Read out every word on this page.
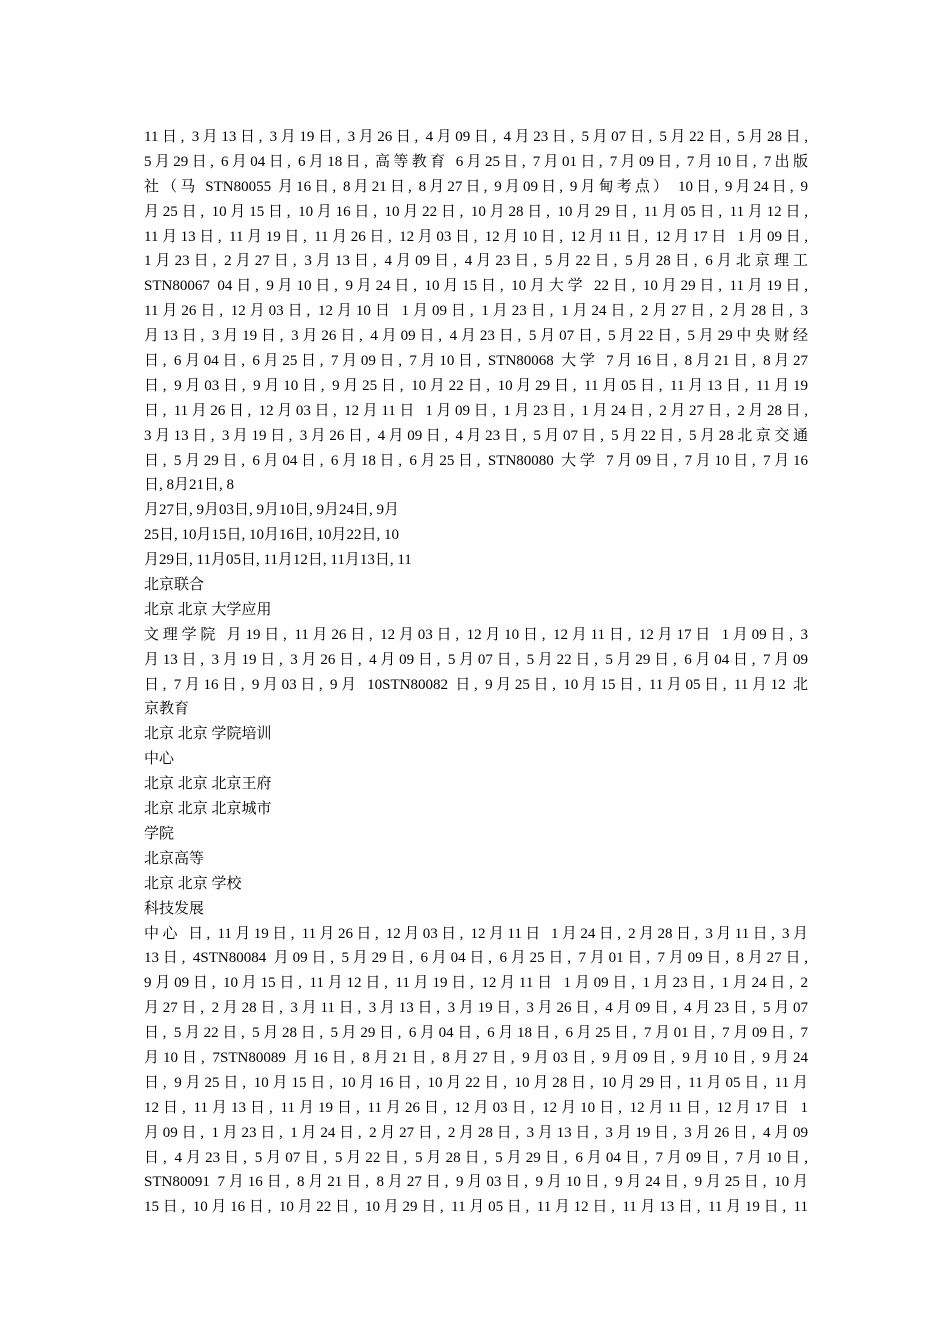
11日, 3月13日, 3月19日, 3月26日, 4月09日, 4月23日, 5月07日, 5月22日, 5月28日,
5月29日, 6月04日, 6月18日, 高等教育 6月25日, 7月01日, 7月09日, 7月10日, 7出版
社（马 STN80055 月16日, 8月21日, 8月27日, 9月09日, 9月甸考点） 10日, 9月24日, 9
月25日, 10月15日, 10月16日, 10月22日, 10月28日, 10月29日, 11月05日, 11月12日,
11月13日, 11月19日, 11月26日, 12月03日, 12月10日, 12月11日, 12月17日 1月09日,
1月23日, 2月27日, 3月13日, 4月09日, 4月23日, 5月22日, 5月28日, 6月北京理工
STN80067 04日, 9月10日, 9月24日, 10月15日, 10月大学 22日, 10月29日, 11月19日,
11月26日, 12月03日, 12月10日 1月09日, 1月23日, 1月24日, 2月27日, 2月28日, 3
月13日, 3月19日, 3月26日, 4月09日, 4月23日, 5月07日, 5月22日, 5月29中央财经
日, 6月04日, 6月25日, 7月09日, 7月10日, STN80068 大学 7月16日, 8月21日, 8月27
日, 9月03日, 9月10日, 9月25日, 10月22日, 10月29日, 11月05日, 11月13日, 11月19
日, 11月26日, 12月03日, 12月11日 1月09日, 1月23日, 1月24日, 2月27日, 2月28日,
3月13日, 3月19日, 3月26日, 4月09日, 4月23日, 5月07日, 5月22日, 5月28北京交通
日, 5月29日, 6月04日, 6月18日, 6月25日, STN80080 大学 7月09日, 7月10日, 7月16
日, 8月21日, 8
月27日, 9月03日, 9月10日, 9月24日, 9月
25日, 10月15日, 10月16日, 10月22日, 10
月29日, 11月05日, 11月12日, 11月13日, 11
北京联合
北京 北京 大学应用
文理学院 月19日, 11月26日, 12月03日, 12月10日, 12月11日, 12月17日 1月09日, 3
月13日, 3月19日, 3月26日, 4月09日, 5月07日, 5月22日, 5月29日, 6月04日, 7月09
日, 7月16日, 9月03日, 9月 10STN80082 日, 9月25日, 10月15日, 11月05日, 11月12 北
京教育
北京 北京 学院培训
中心
北京 北京 北京王府
北京 北京 北京城市
学院
北京高等
北京 北京 学校
科技发展
中心 日, 11月19日, 11月26日, 12月03日, 12月11日 1月24日, 2月28日, 3月11日, 3月
13日, 4STN80084 月09日, 5月29日, 6月04日, 6月25日, 7月01日, 7月09日, 8月27日,
9月09日, 10月15日, 11月12日, 11月19日, 12月11日 1月09日, 1月23日, 1月24日, 2
月27日, 2月28日, 3月11日, 3月13日, 3月19日, 3月26日, 4月09日, 4月23日, 5月07
日, 5月22日, 5月28日, 5月29日, 6月04日, 6月18日, 6月25日, 7月01日, 7月09日, 7
月10日, 7STN80089 月16日, 8月21日, 8月27日, 9月03日, 9月09日, 9月10日, 9月24
日, 9月25日, 10月15日, 10月16日, 10月22日, 10月28日, 10月29日, 11月05日, 11月
12日, 11月13日, 11月19日, 11月26日, 12月03日, 12月10日, 12月11日, 12月17日 1
月09日, 1月23日, 1月24日, 2月27日, 2月28日, 3月13日, 3月19日, 3月26日, 4月09
日, 4月23日, 5月07日, 5月22日, 5月28日, 5月29日, 6月04日, 7月09日, 7月10日,
STN80091 7月16日, 8月21日, 8月27日, 9月03日, 9月10日, 9月24日, 9月25日, 10月
15日, 10月16日, 10月22日, 10月29日, 11月05日, 11月12日, 11月13日, 11月19日, 11
